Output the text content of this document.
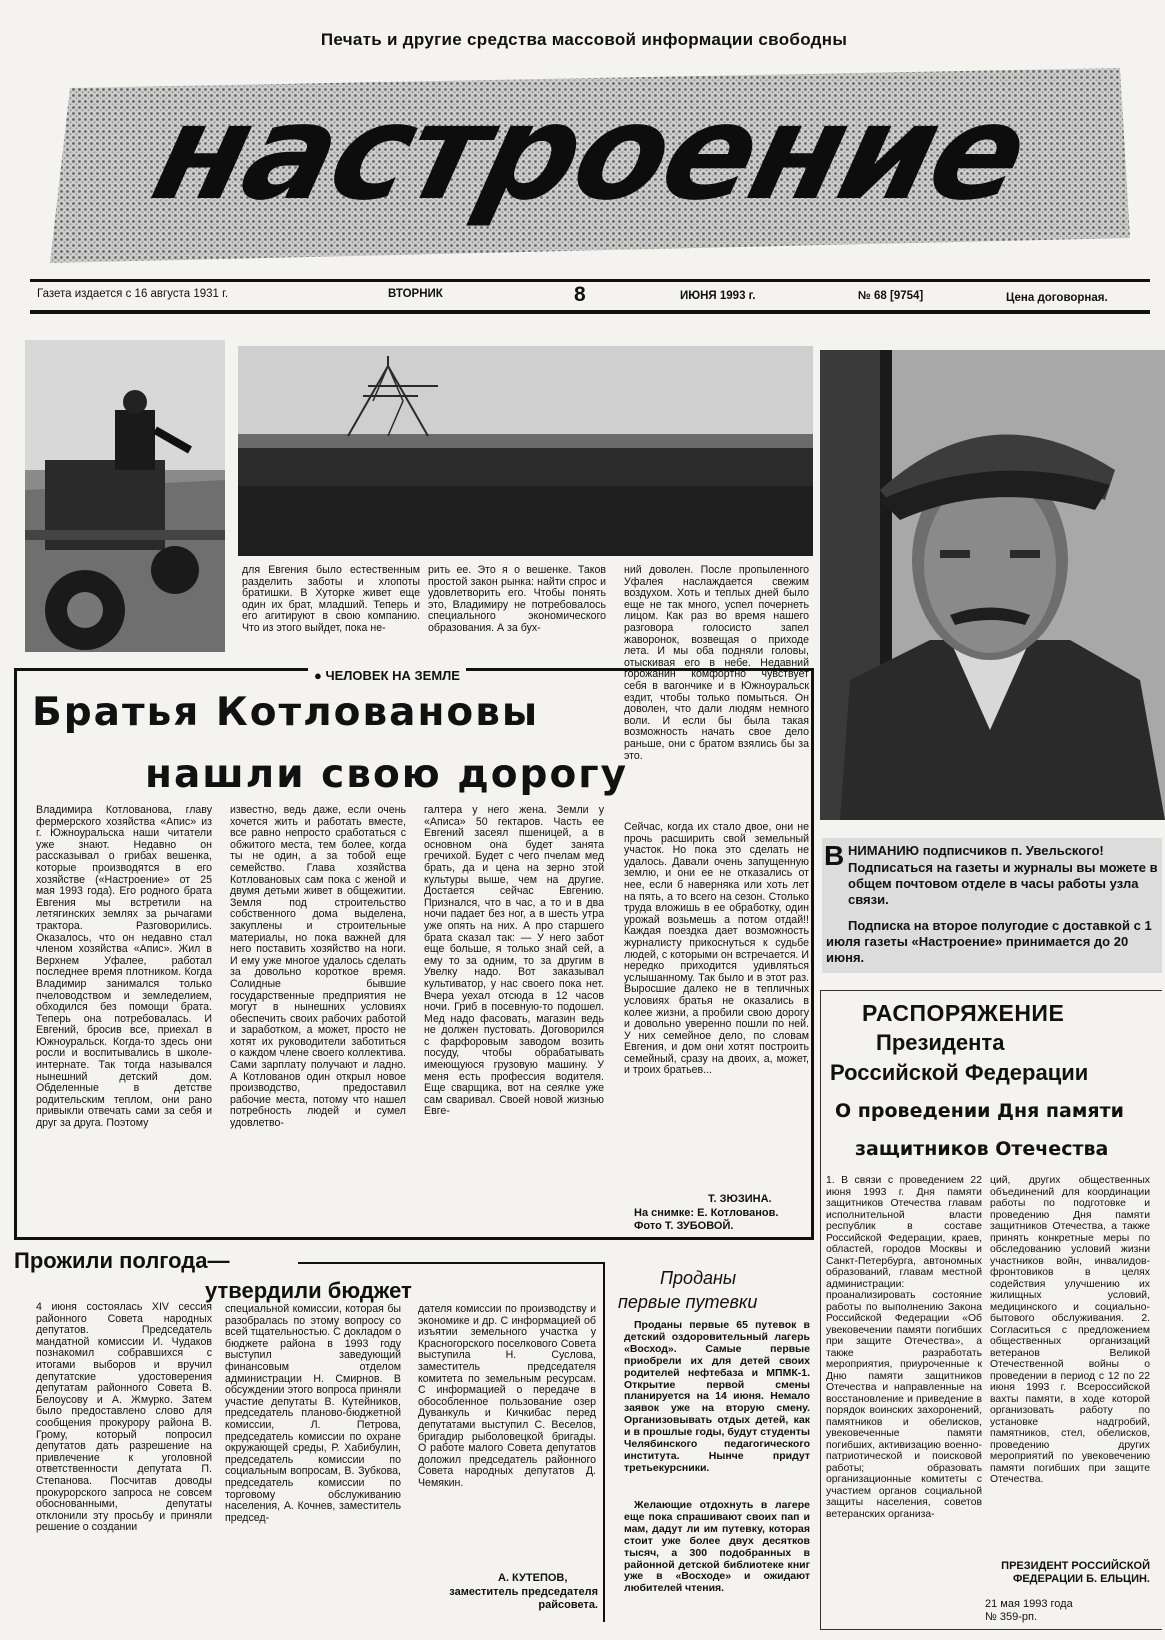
Печать и другие средства массовой информации свободны
настроение
Газета издается с 16 августа 1931 г.	ВТОРНИК	8	ИЮНЯ 1993 г.	№ 68 [9754]	Цена договорная.
для Евгения было естественным разделить заботы и хлопоты братишки. В Хуторке живет еще один их брат, младший. Теперь и его агитируют в свою компанию. Что из этого выйдет, пока не-
рить ее. Это я о вешенке. Таков простой закон рынка: найти спрос и удовлетворить его. Чтобы понять это, Владимиру не потребовалось специального экономического образования. А за бух-
ний доволен. После пропыленного Уфалея наслаждается свежим воздухом. Хоть и теплых дней было еще не так много, успел почернеть лицом. Как раз во время нашего разговора голосисто запел жаворонок, возвещая о приходе лета. И мы оба подняли головы, отыскивая его в небе. Недавний горожанин комфортно чувствует себя в вагончике и в Южноуральск ездит, чтобы только помыться. Он доволен, что дали людям немного воли. И если бы была такая возможность начать свое дело раньше, они с братом взялись бы за это.
● ЧЕЛОВЕК НА ЗЕМЛЕ
Братья Котловановы
нашли свою дорогу
Владимира Котлованова, главу фермерского хозяйства «Апис» из г. Южноуральска наши читатели уже знают. Недавно он рассказывал о грибах вешенка, которые производятся в его хозяйстве («Настроение» от 25 мая 1993 года). Его родного брата Евгения мы встретили на летягинских землях за рычагами трактора. Разговорились. Оказалось, что он недавно стал членом хозяйства «Апис». Жил в Верхнем Уфалее, работал последнее время плотником. Когда Владимир занимался только пчеловодством и земледелием, обходился без помощи брата. Теперь она потребовалась. И Евгений, бросив все, приехал в Южноуральск. Когда-то здесь они росли и воспитывались в школе-интернате. Так тогда назывался нынешний детский дом. Обделенные в детстве родительским теплом, они рано привыкли отвечать сами за себя и друг за друга. Поэтому
известно, ведь даже, если очень хочется жить и работать вместе, все равно непросто сработаться с обжитого места, тем более, когда ты не один, а за тобой еще семейство. Глава хозяйства Котловановых сам пока с женой и двумя детьми живет в общежитии. Земля под строительство собственного дома выделена, закуплены и строительные материалы, но пока важней для него поставить хозяйство на ноги. И ему уже многое удалось сделать за довольно короткое время. Солидные бывшие государственные предприятия не могут в нынешних условиях обеспечить своих рабочих работой и заработком, а может, просто не хотят их руководители заботиться о каждом члене своего коллектива. Сами зарплату получают и ладно. А Котлованов один открыл новое производство, предоставил рабочие места, потому что нашел потребность людей и сумел удовлетво-
галтера у него жена. Земли у «Аписа» 50 гектаров. Часть ее Евгений засеял пшеницей, а в основном она будет занята гречихой. Будет с чего пчелам мед брать, да и цена на зерно этой культуры выше, чем на другие. Достается сейчас Евгению. Признался, что в час, а то и в два ночи падает без ног, а в шесть утра уже опять на них. А про старшего брата сказал так: — У него забот еще больше, я только знай сей, а ему то за одним, то за другим в Увелку надо. Вот заказывал культиватор, у нас своего пока нет. Вчера уехал отсюда в 12 часов ночи. Гриб в посевную-то подошел. Мед надо фасовать, магазин ведь не должен пустовать. Договорился с фарфоровым заводом возить посуду, чтобы обрабатывать имеющуюся грузовую машину. У меня есть профессия водителя. Еще сварщика, вот на сеялке уже сам сваривал. Своей новой жизнью Евге-
Сейчас, когда их стало двое, они не прочь расширить свой земельный участок. Но пока это сделать не удалось. Давали очень запущенную землю, и они ее не отказались от нее, если б наверняка или хоть лет на пять, а то всего на сезон. Столько труда вложишь в ее обработку, один урожай возьмешь а потом отдай!! Каждая поездка дает возможность журналисту прикоснуться к судьбе людей, с которыми он встречается. И нередко приходится удивляться услышанному. Так было и в этот раз. Выросшие далеко не в тепличных условиях братья не оказались в колее жизни, а пробили свою дорогу и довольно уверенно пошли по ней. У них семейное дело, по словам Евгения, и дом они хотят построить семейный, сразу на двоих, а, может, и троих братьев...
Т. ЗЮЗИНА.
На снимке: Е. Котлованов. Фото Т. ЗУБОВОЙ.
В НИМАНИЮ подписчиков п. Увельского!
Подписаться на газеты и журналы вы можете в общем почтовом отделе в часы работы узла связи.
Подписка на второе полугодие с доставкой с 1 июля газеты «Настроение» принимается до 20 июня.
РАСПОРЯЖЕНИЕ
Президента
Российской Федерации
О проведении Дня памяти
защитников Отечества
1. В связи с проведением 22 июня 1993 г. Дня памяти защитников Отечества главам исполнительной власти республик в составе Российской Федерации, краев, областей, городов Москвы и Санкт-Петербурга, автономных образований, главам местной администрации: проанализировать состояние работы по выполнению Закона Российской Федерации «Об увековечении памяти погибших при защите Отечества», а также разработать мероприятия, приуроченные к Дню памяти защитников Отечества и направленные на восстановление и приведение в порядок воинских захоронений, памятников и обелисков, увековеченные памяти погибших, активизацию военно-патриотической и поисковой работы; образовать организационные комитеты с участием органов социальной защиты населения, советов ветеранских организа-
ций, других общественных объединений для координации работы по подготовке и проведению Дня памяти защитников Отечества, а также принять конкретные меры по обследованию условий жизни участников войн, инвалидов-фронтовиков в целях содействия улучшению их жилищных условий, медицинского и социально-бытового обслуживания. 2. Согласиться с предложением общественных организаций ветеранов Великой Отечественной войны о проведении в период с 12 по 22 июня 1993 г. Всероссийской вахты памяти, в ходе которой организовать работу по установке надгробий, памятников, стел, обелисков, проведению других мероприятий по увековечению памяти погибших при защите Отечества.
ПРЕЗИДЕНТ РОССИЙСКОЙ ФЕДЕРАЦИИ Б. ЕЛЬЦИН.
21 мая 1993 года
№ 359-рп.
Прожили полгода—
утвердили бюджет
4 июня состоялась XIV сессия районного Совета народных депутатов. Председатель мандатной комиссии И. Чудаков познакомил собравшихся с итогами выборов и вручил депутатские удостоверения депутатам районного Совета В. Белоусову и А. Жмурко. Затем было предоставлено слово для сообщения прокурору района В. Грому, который попросил депутатов дать разрешение на привлечение к уголовной ответственности депутата П. Степанова. Посчитав доводы прокурорского запроса не совсем обоснованными, депутаты отклонили эту просьбу и приняли решение о создании
специальной комиссии, которая бы разобралась по этому вопросу со всей тщательностью. С докладом о бюджете района в 1993 году выступил заведующий финансовым отделом администрации Н. Смирнов. В обсуждении этого вопроса приняли участие депутаты В. Кутейников, председатель планово-бюджетной комиссии, Л. Петрова, председатель комиссии по охране окружающей среды, Р. Хабибулин, председатель комиссии по социальным вопросам, В. Зубкова, председатель комиссии по торговому обслуживанию населения, А. Кочнев, заместитель председ-
дателя комиссии по производству и экономике и др. С информацией об изъятии земельного участка у Красногорского поселкового Совета выступила Н. Суслова, заместитель председателя комитета по земельным ресурсам. С информацией о передаче в обособленное пользование озер Дуванкуль и Кичкибас перед депутатами выступил С. Веселов, бригадир рыболовецкой бригады. О работе малого Совета депутатов доложил председатель районного Совета народных депутатов Д. Чемякин.
А. КУТЕПОВ,
заместитель председателя райсовета.
Проданы
первые путевки
Проданы первые 65 путевок в детский оздоровительный лагерь «Восход». Самые первые приобрели их для детей своих родителей нефтебаза и МПМК-1. Открытие первой смены планируется на 14 июня. Немало заявок уже на вторую смену. Организовывать отдых детей, как и в прошлые годы, будут студенты Челябинского педагогического института. Нынче придут третьекурсники.
Желающие отдохнуть в лагере еще пока спрашивают своих пап и мам, дадут ли им путевку, которая стоит уже более двух десятков тысяч, а 300 подобранных в районной детской библиотеке книг уже в «Восходе» и ожидают любителей чтения.
